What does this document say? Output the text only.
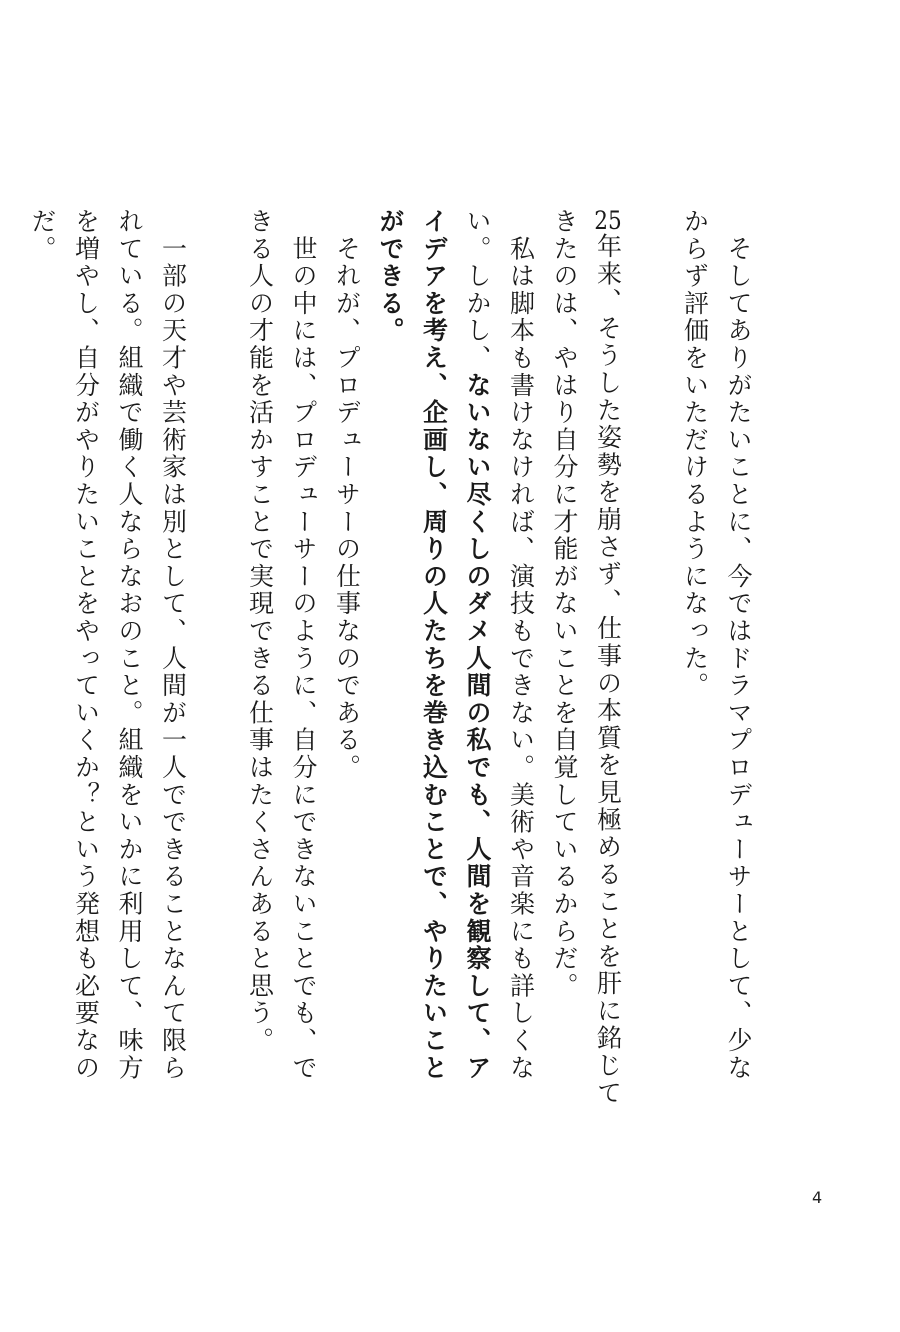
　そしてありがたいことに、今ではドラマプロデューサーとして、少なからず評価をいただけるようになった。

25年来、そうした姿勢を崩さず、仕事の本質を見極めることを肝に銘じてきたのは、やはり自分に才能がないことを自覚しているからだ。

　私は脚本も書けなければ、演技もできない。美術や音楽にも詳しくない。しかし、ないない尽くしのダメ人間の私でも、人間を観察して、アイデアを考え、企画し、周りの人たちを巻き込むことで、やりたいことができる。

　それが、プロデューサーの仕事なのである。

　世の中には、プロデューサーのように、自分にできないことでも、できる人の才能を活かすことで実現できる仕事はたくさんあると思う。

　一部の天才や芸術家は別として、人間が一人でできることなんて限られている。組織で働く人ならなおのこと。組織をいかに利用して、味方を増やし、自分がやりたいことをやっていくか？という発想も必要なのだ。

4
